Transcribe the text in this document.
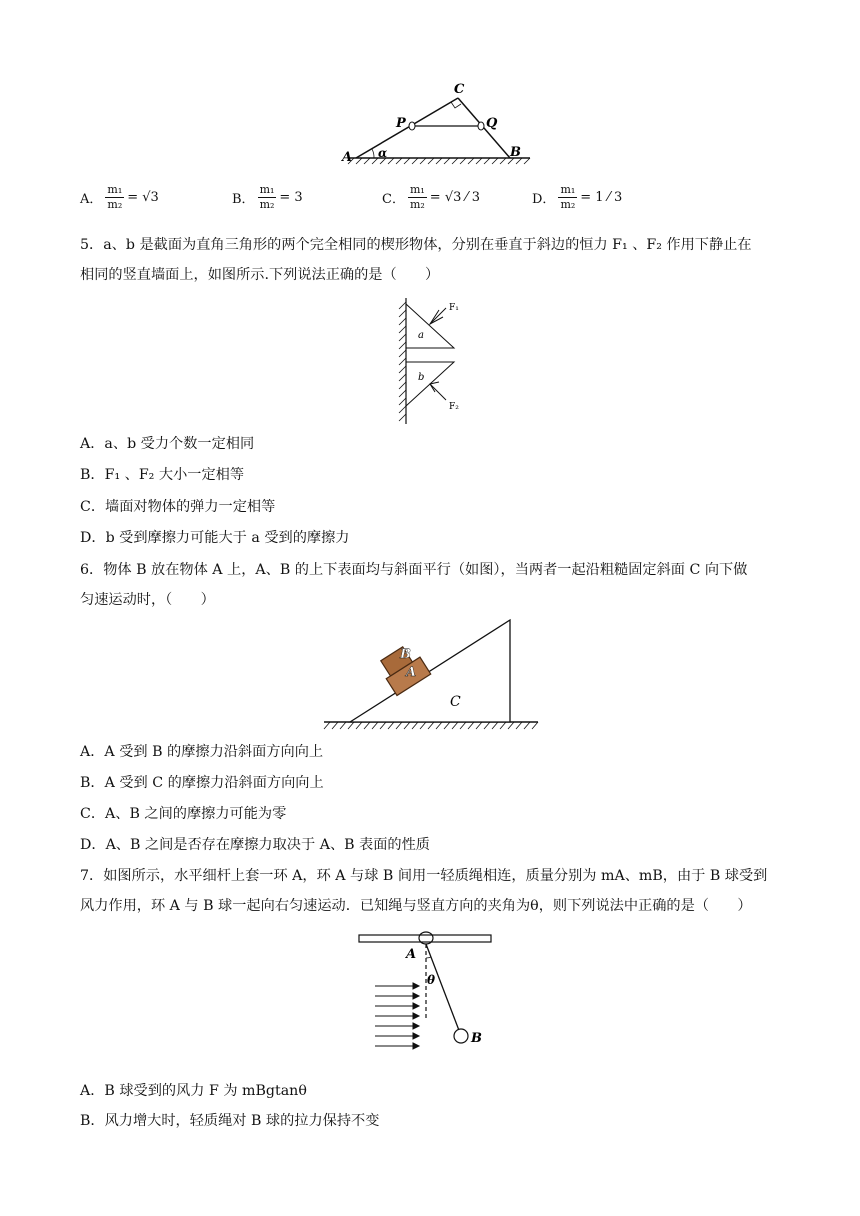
A α
C
P	Q
B
A． $\frac{\text{m₁}}{\text{m₂}} = √3$	B． $\frac{\text{m₁}}{\text{m₂}} = 3$	C． $\frac{\text{m₁}}{\text{m₂}} = √3$ ⁄ 3	D． $\frac{\text{m₁}}{\text{m₂}} = 1$ ⁄ 3
5．a、b 是截面为直角三角形的两个完全相同的楔形物体，分别在垂直于斜边的恒力 F₁ 、F₂ 作用下静止在
相同的竖直墙面上，如图所示.下列说法正确的是（　　）
a
b
F₁
F₂
A．a、b 受力个数一定相同
B．F₁ 、F₂ 大小一定相等
C．墙面对物体的弹力一定相等
D．b 受到摩擦力可能大于 a 受到的摩擦力
6．物体 B 放在物体 A 上，A、B 的上下表面均与斜面平行（如图），当两者一起沿粗糙固定斜面 C 向下做
匀速运动时，（　　）
A
B
C
A．A 受到 B 的摩擦力沿斜面方向向上
B．A 受到 C 的摩擦力沿斜面方向向上
C．A、B 之间的摩擦力可能为零
D．A、B 之间是否存在摩擦力取决于 A、B 表面的性质
7．如图所示，水平细杆上套一环 A，环 A 与球 B 间用一轻质绳相连，质量分别为 mA、mB，由于 B 球受到
风力作用，环 A 与 B 球一起向右匀速运动．已知绳与竖直方向的夹角为θ，则下列说法中正确的是（　　）
A
θ
B
A．B 球受到的风力 F 为 mBgtanθ
B．风力增大时，轻质绳对 B 球的拉力保持不变
